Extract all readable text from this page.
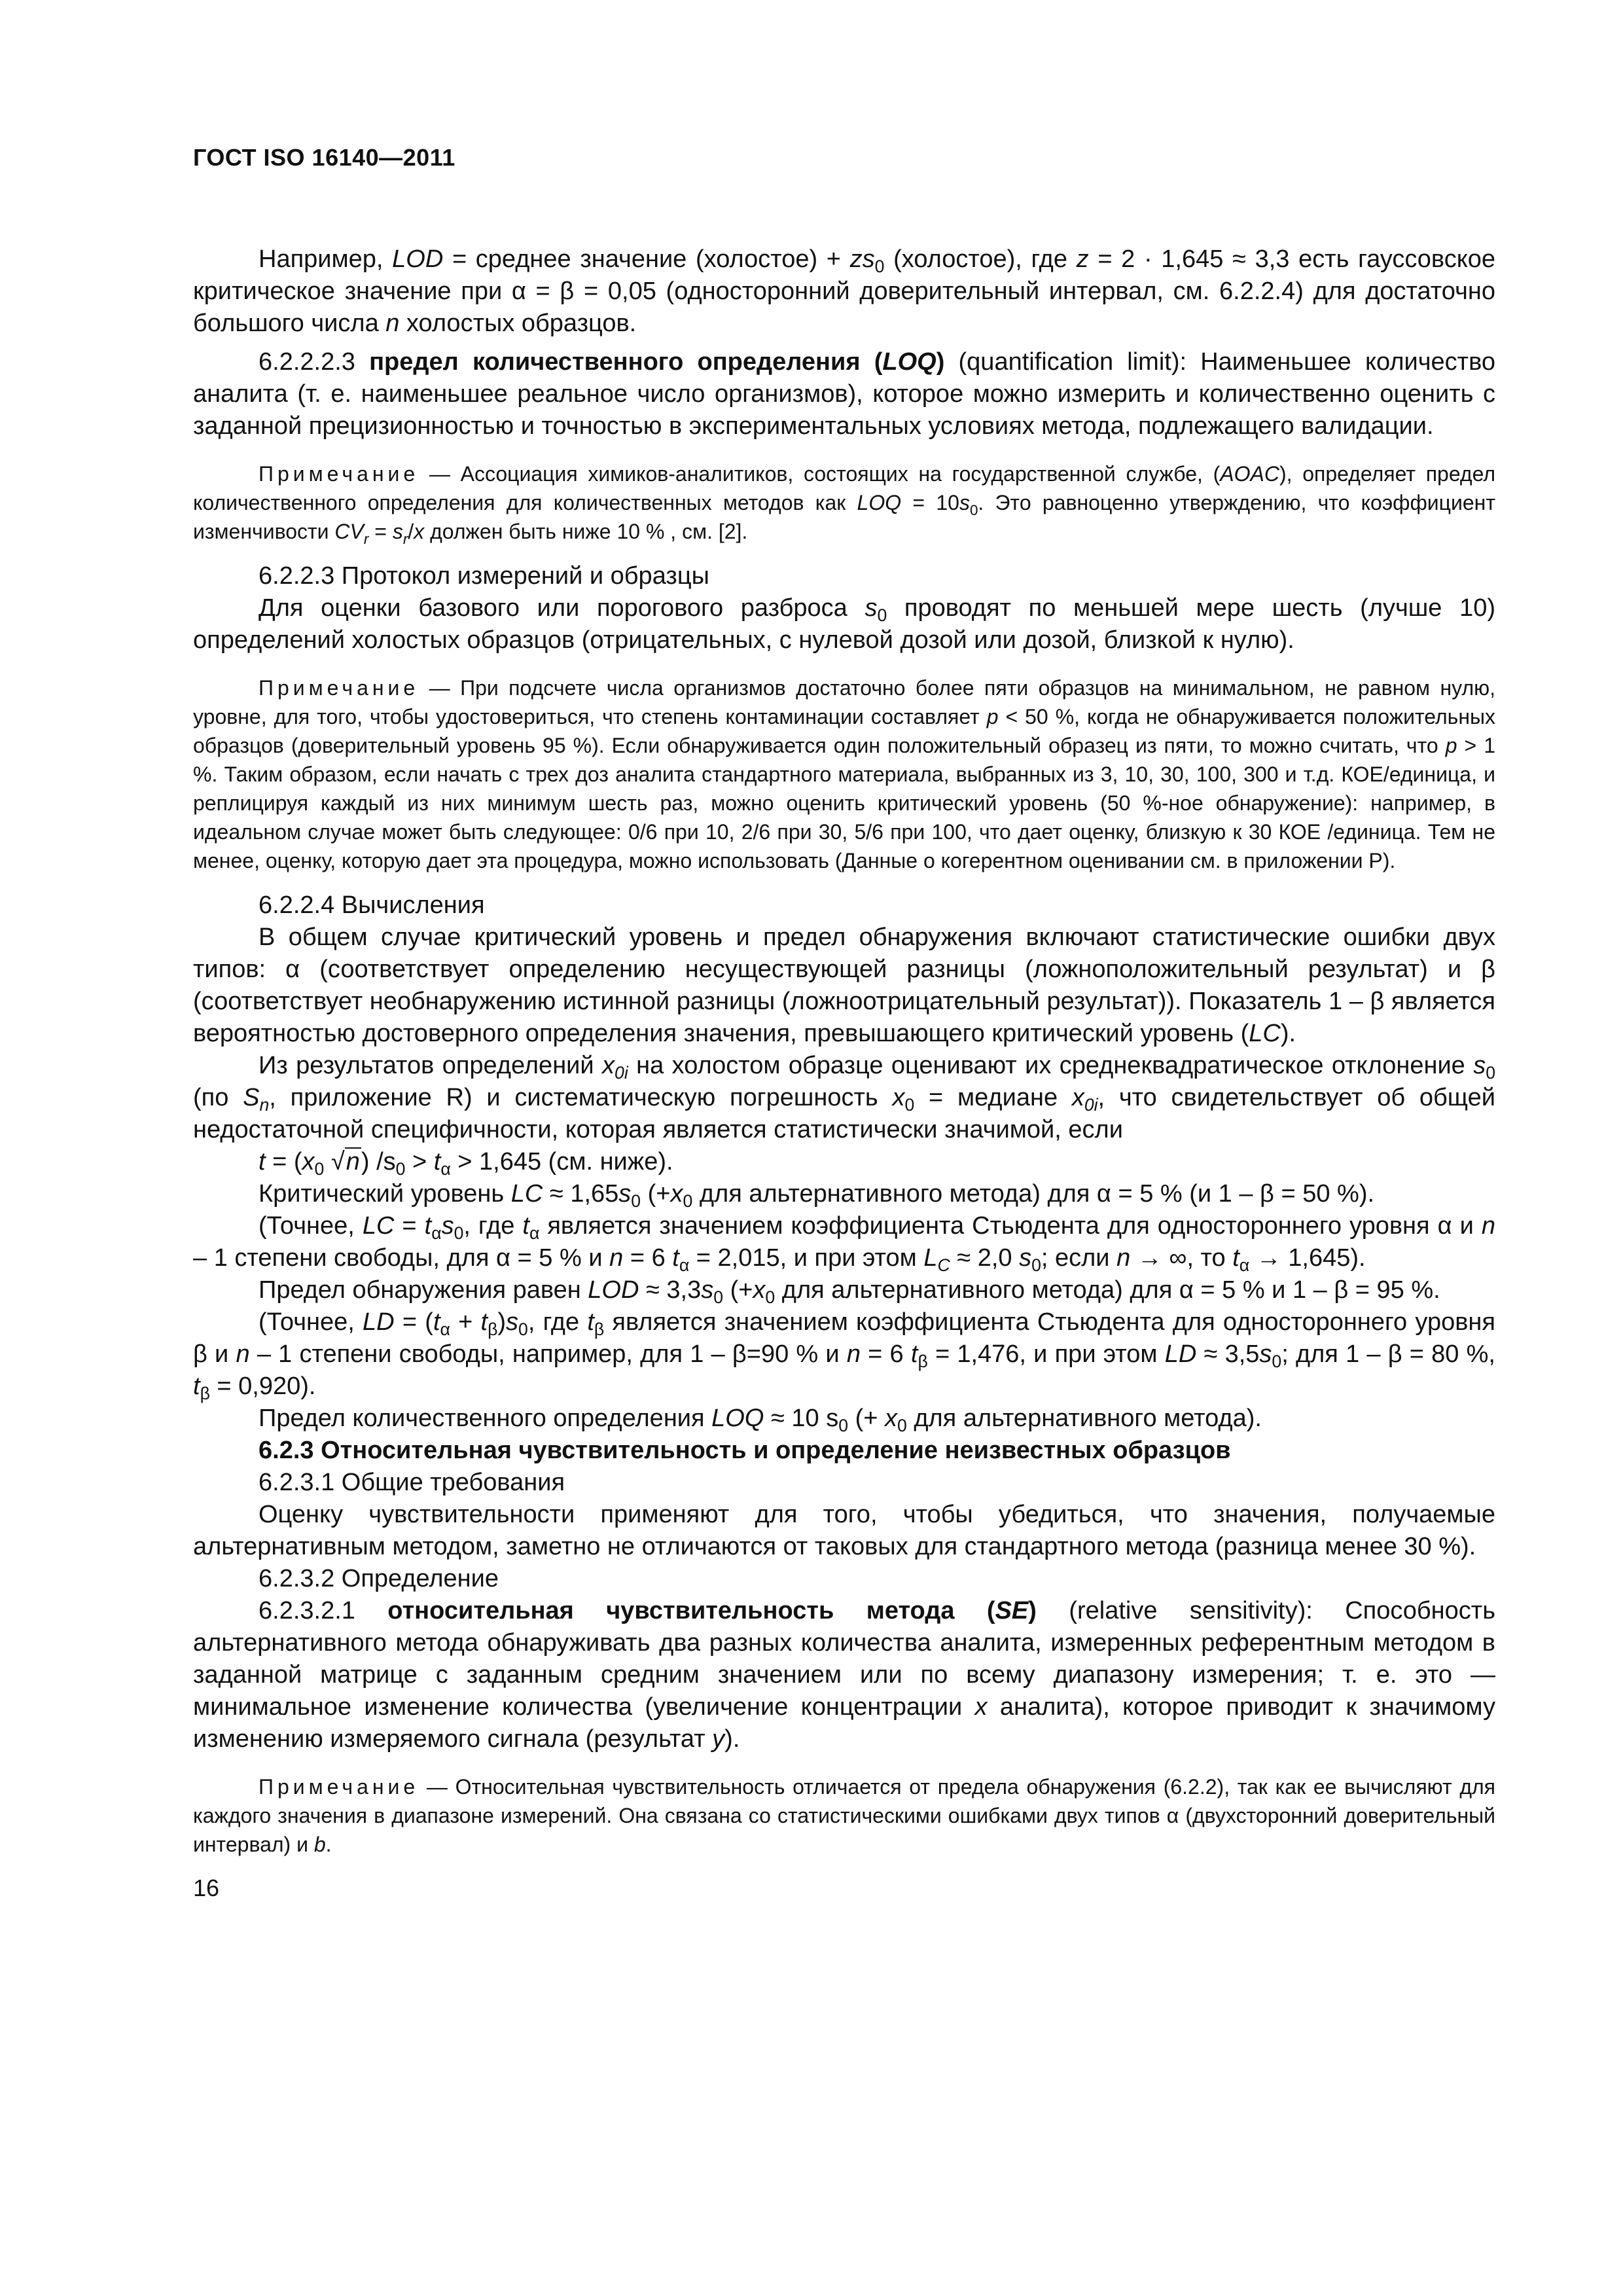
ГОСТ ISO 16140—2011

Например, LOD = среднее значение (холостое) + $zs_0$ (холостое), где z = 2 · 1,645 ≈ 3,3 есть гауссовское критическое значение при α = β = 0,05 (односторонний доверительный интервал, см. 6.2.2.4) для достаточно большого числа n холостых образцов.

6.2.2.2.3 предел количественного определения (LOQ) (quantification limit): Наименьшее количество аналита (т. е. наименьшее реальное число организмов), которое можно измерить и количественно оценить с заданной прецизионностью и точностью в экспериментальных условиях метода, подлежащего валидации.

Примечание — Ассоциация химиков-аналитиков, состоящих на государственной службе, (AOAC), определяет предел количественного определения для количественных методов как LOQ = $10s_0$. Это равноценно утверждению, что коэффициент изменчивости $CV_r = s_r/x$ должен быть ниже 10 % , см. [2].

6.2.2.3 Протокол измерений и образцы

Для оценки базового или порогового разброса $s_0$ проводят по меньшей мере шесть (лучше 10) определений холостых образцов (отрицательных, с нулевой дозой или дозой, близкой к нулю).

Примечание — При подсчете числа организмов достаточно более пяти образцов на минимальном, не равном нулю, уровне, для того, чтобы удостовериться, что степень контаминации составляет p < 50 %, когда не обнаруживается положительных образцов (доверительный уровень 95 %). Если обнаруживается один положительный образец из пяти, то можно считать, что p > 1 %. Таким образом, если начать с трех доз аналита стандартного материала, выбранных из 3, 10, 30, 100, 300 и т.д. КОЕ/единица, и реплицируя каждый из них минимум шесть раз, можно оценить критический уровень (50 %-ное обнаружение): например, в идеальном случае может быть следующее: 0/6 при 10, 2/6 при 30, 5/6 при 100, что дает оценку, близкую к 30 КОЕ /единица. Тем не менее, оценку, которую дает эта процедура, можно использовать (Данные о когерентном оценивании см. в приложении P).

6.2.2.4 Вычисления

В общем случае критический уровень и предел обнаружения включают статистические ошибки двух типов: α (соответствует определению несуществующей разницы (ложноположительный результат) и β (соответствует необнаружению истинной разницы (ложноотрицательный результат)). Показатель 1 – β является вероятностью достоверного определения значения, превышающего критический уровень (LC).

Из результатов определений $x_{0i}$ на холостом образце оценивают их среднеквадратическое отклонение $s_0$ (по $S_n$, приложение R) и систематическую погрешность $x_0$ = медиане $x_{0i}$, что свидетельствует об общей недостаточной специфичности, которая является статистически значимой, если

$t = (x_0$ √n) $/s_0 > t_\alpha > 1,645$ (см. ниже).

Критический уровень LC ≈ $1,65s_0$ ($+x_0$ для альтернативного метода) для α = 5 % (и 1 – β = 50 %).

(Точнее, LC = $t_\alpha s_0$, где $t_\alpha$ является значением коэффициента Стьюдента для одностороннего уровня α и n – 1 степени свободы, для α = 5 % и n = 6 $t_\alpha = 2,015$, и при этом $L_C \approx 2,0$ $s_0$; если n → ∞, то $t_\alpha \to 1,645$).

Предел обнаружения равен LOD ≈ $3,3s_0$ ($+x_0$ для альтернативного метода) для α = 5 % и 1 – β = 95 %.

(Точнее, LD = $(t_\alpha + t_\beta)s_0$, где $t_\beta$ является значением коэффициента Стьюдента для одностороннего уровня β и n – 1 степени свободы, например, для 1 – β=90 % и n = 6 $t_\beta = 1,476$, и при этом LD ≈ $3,5s_0$; для 1 – β = 80 %, $t_\beta = 0,920$).

Предел количественного определения LOQ ≈ 10 $s_0$ (+ $x_0$ для альтернативного метода).

6.2.3 Относительная чувствительность и определение неизвестных образцов

6.2.3.1 Общие требования

Оценку чувствительности применяют для того, чтобы убедиться, что значения, получаемые альтернативным методом, заметно не отличаются от таковых для стандартного метода (разница менее 30 %).

6.2.3.2 Определение

6.2.3.2.1 относительная чувствительность метода (SE) (relative sensitivity): Способность альтернативного метода обнаруживать два разных количества аналита, измеренных референтным методом в заданной матрице с заданным средним значением или по всему диапазону измерения; т. е. это — минимальное изменение количества (увеличение концентрации x аналита), которое приводит к значимому изменению измеряемого сигнала (результат y).

Примечание — Относительная чувствительность отличается от предела обнаружения (6.2.2), так как ее вычисляют для каждого значения в диапазоне измерений. Она связана со статистическими ошибками двух типов α (двухсторонний доверительный интервал) и b.

16
